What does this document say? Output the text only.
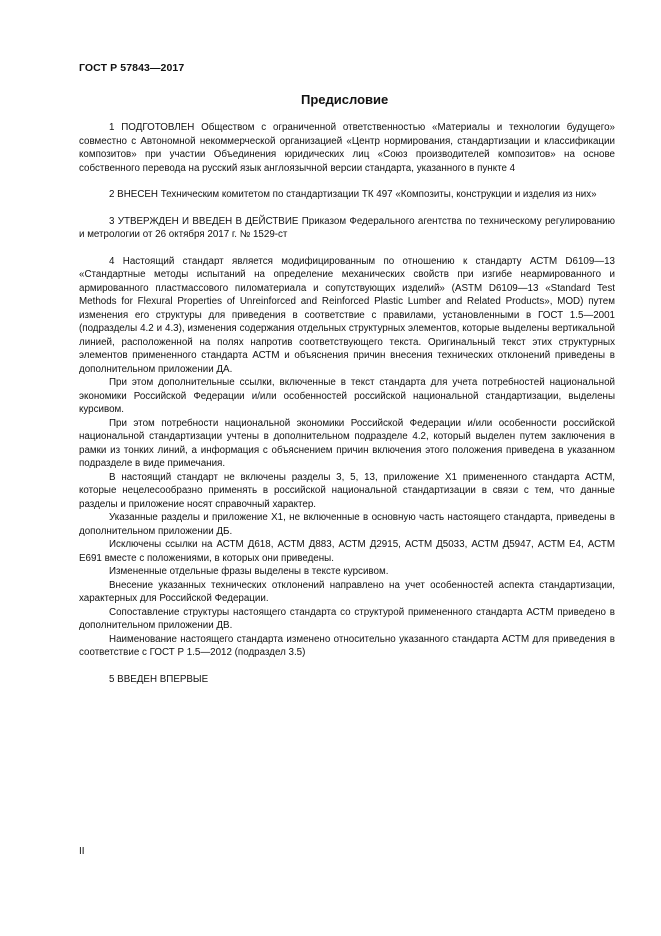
ГОСТ Р 57843—2017
Предисловие

1 ПОДГОТОВЛЕН Обществом с ограниченной ответственностью «Материалы и технологии будущего» совместно с Автономной некоммерческой организацией «Центр нормирования, стандартизации и классификации композитов» при участии Объединения юридических лиц «Союз производителей композитов» на основе собственного перевода на русский язык англоязычной версии стандарта, указанного в пункте 4

2 ВНЕСЕН Техническим комитетом по стандартизации ТК 497 «Композиты, конструкции и изделия из них»

3 УТВЕРЖДЕН И ВВЕДЕН В ДЕЙСТВИЕ Приказом Федерального агентства по техническому регулированию и метрологии от 26 октября 2017 г. № 1529-ст

4 Настоящий стандарт является модифицированным по отношению к стандарту АСТМ D6109—13 «Стандартные методы испытаний на определение механических свойств при изгибе неармированного и армированного пластмассового пиломатериала и сопутствующих изделий» (ASTM D6109—13 «Standard Test Methods for Flexural Properties of Unreinforced and Reinforced Plastic Lumber and Related Products», MOD) путем изменения его структуры для приведения в соответствие с правилами, установленными в ГОСТ 1.5—2001 (подразделы 4.2 и 4.3), изменения содержания отдельных структурных элементов, которые выделены вертикальной линией, расположенной на полях напротив соответствующего текста. Оригинальный текст этих структурных элементов примененного стандарта АСТМ и объяснения причин внесения технических отклонений приведены в дополнительном приложении ДА.

При этом дополнительные ссылки, включенные в текст стандарта для учета потребностей национальной экономики Российской Федерации и/или особенностей российской национальной стандартизации, выделены курсивом.

При этом потребности национальной экономики Российской Федерации и/или особенности российской национальной стандартизации учтены в дополнительном подразделе 4.2, который выделен путем заключения в рамки из тонких линий, а информация с объяснением причин включения этого положения приведена в указанном подразделе в виде примечания.

В настоящий стандарт не включены разделы 3, 5, 13, приложение Х1 примененного стандарта АСТМ, которые нецелесообразно применять в российской национальной стандартизации в связи с тем, что данные разделы и приложение носят справочный характер.

Указанные разделы и приложение Х1, не включенные в основную часть настоящего стандарта, приведены в дополнительном приложении ДБ.

Исключены ссылки на АСТМ Д618, АСТМ Д883, АСТМ Д2915, АСТМ Д5033, АСТМ Д5947, АСТМ Е4, АСТМ Е691 вместе с положениями, в которых они приведены.

Измененные отдельные фразы выделены в тексте курсивом.

Внесение указанных технических отклонений направлено на учет особенностей аспекта стандартизации, характерных для Российской Федерации.

Сопоставление структуры настоящего стандарта со структурой примененного стандарта АСТМ приведено в дополнительном приложении ДВ.

Наименование настоящего стандарта изменено относительно указанного стандарта АСТМ для приведения в соответствие с ГОСТ Р 1.5—2012 (подраздел 3.5)

5 ВВЕДЕН ВПЕРВЫЕ

II
